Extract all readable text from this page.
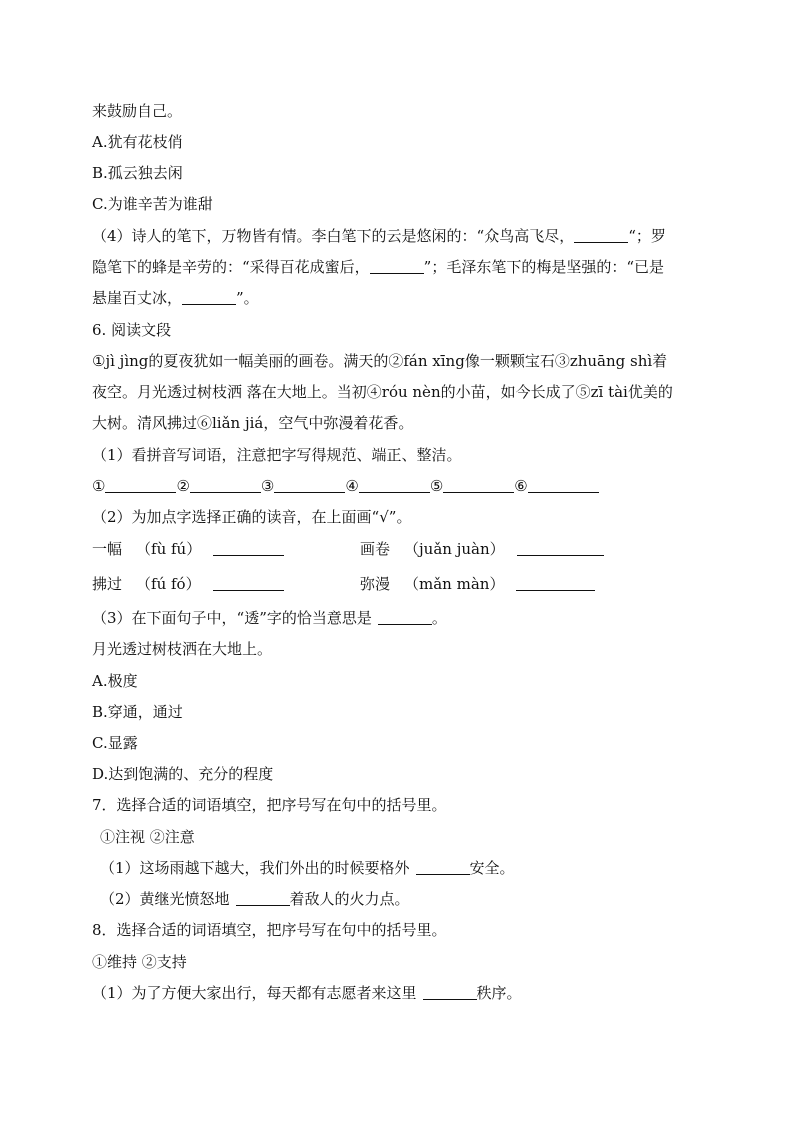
来鼓励自己。
A.犹有花枝俏
B.孤云独去闲
C.为谁辛苦为谁甜
（4）诗人的笔下，万物皆有情。李白笔下的云是悠闲的：“众鸟高飞尽，	“；罗
隐笔下的蜂是辛劳的：“采得百花成蜜后，	”；毛泽东笔下的梅是坚强的：“已是
悬崖百丈冰，	”。
6. 阅读文段
①jì jìng的夏夜犹如一幅美丽的画卷。满天的②fán xīng像一颗颗宝石③zhuāng shì着
夜空。月光透过树枝洒 落在大地上。当初④róu nèn的小苗，如今长成了⑤zī tài优美的
大树。清风拂过⑥liǎn jiá，空气中弥漫着花香。
（1）看拼音写词语，注意把字写得规范、端正、整洁。
①	②	③	④	⑤	⑥
（2）为加点字选择正确的读音，在上面画“√”。
一幅 （fù fú）	画卷 （juǎn juàn）
拂过 （fú fó）	弥漫 （mǎn màn）
（3）在下面句子中，“透”字的恰当意思是	。
月光透过树枝洒在大地上。
A.极度
B.穿通，通过
C.显露
D.达到饱满的、充分的程度
7．选择合适的词语填空，把序号写在句中的括号里。
①注视 ②注意
（1）这场雨越下越大，我们外出的时候要格外	安全。
（2）黄继光愤怒地	着敌人的火力点。
8．选择合适的词语填空，把序号写在句中的括号里。
①维持 ②支持
（1）为了方便大家出行，每天都有志愿者来这里	秩序。
